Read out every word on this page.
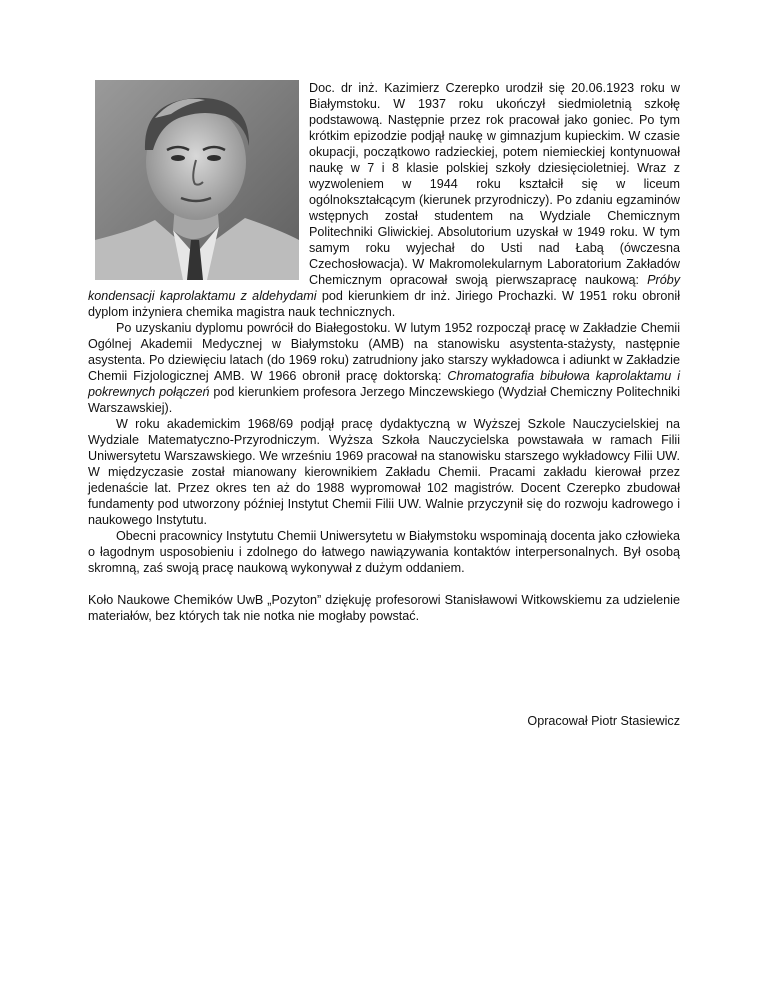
Doc. dr inż. Kazimierz Czerepko urodził się 20.06.1923 roku w Białymstoku. W 1937 roku ukończył siedmioletnią szkołę podstawową. Następnie przez rok pracował jako goniec. Po tym krótkim epizodzie podjął naukę w gimnazjum kupieckim. W czasie okupacji, początkowo radzieckiej, potem niemieckiej kontynuował naukę w 7 i 8 klasie polskiej szkoły dziesięcioletniej. Wraz z wyzwoleniem w 1944 roku kształcił się w liceum ogólnokształcącym (kierunek przyrodniczy). Po zdaniu egzaminów wstępnych został studentem na Wydziale Chemicznym Politechniki Gliwickiej. Absolutorium uzyskał w 1949 roku. W tym samym roku wyjechał do Usti nad Łabą (ówczesna Czechosłowacja). W Makromolekularnym Laboratorium Zakładów Chemicznym opracował swoją pierwszapracę naukową: Próby kondensacji kaprolaktamu z aldehydami pod kierunkiem dr inż. Jiriego Prochazki. W 1951 roku obronił dyplom inżyniera chemika magistra nauk technicznych.

Po uzyskaniu dyplomu powrócił do Białegostoku. W lutym 1952 rozpoczął pracę w Zakładzie Chemii Ogólnej Akademii Medycznej w Białymstoku (AMB) na stanowisku asystenta-stażysty, następnie asystenta. Po dziewięciu latach (do 1969 roku) zatrudniony jako starszy wykładowca i adiunkt w Zakładzie Chemii Fizjologicznej AMB. W 1966 obronił pracę doktorską: Chromatografia bibułowa kaprolaktamu i pokrewnych połączeń pod kierunkiem profesora Jerzego Minczewskiego (Wydział Chemiczny Politechniki Warszawskiej).

W roku akademickim 1968/69 podjął pracę dydaktyczną w Wyższej Szkole Nauczycielskiej na Wydziale Matematyczno-Przyrodniczym. Wyższa Szkoła Nauczycielska powstawała w ramach Filii Uniwersytetu Warszawskiego. We wrześniu 1969 pracował na stanowisku starszego wykładowcy Filii UW. W międzyczasie został mianowany kierownikiem Zakładu Chemii. Pracami zakładu kierował przez jedenaście lat. Przez okres ten aż do 1988 wypromował 102 magistrów. Docent Czerepko zbudował fundamenty pod utworzony później Instytut Chemii Filii UW. Walnie przyczynił się do rozwoju kadrowego i naukowego Instytutu.

Obecni pracownicy Instytutu Chemii Uniwersytetu w Białymstoku wspominają docenta jako człowieka o łagodnym usposobieniu i zdolnego do łatwego nawiązywania kontaktów interpersonalnych. Był osobą skromną, zaś swoją pracę naukową wykonywał z dużym oddaniem.

Koło Naukowe Chemików UwB „Pozyton” dziękuję profesorowi Stanisławowi Witkowskiemu za udzielenie materiałów, bez których tak nie notka nie mogłaby powstać.

Opracował Piotr Stasiewicz
